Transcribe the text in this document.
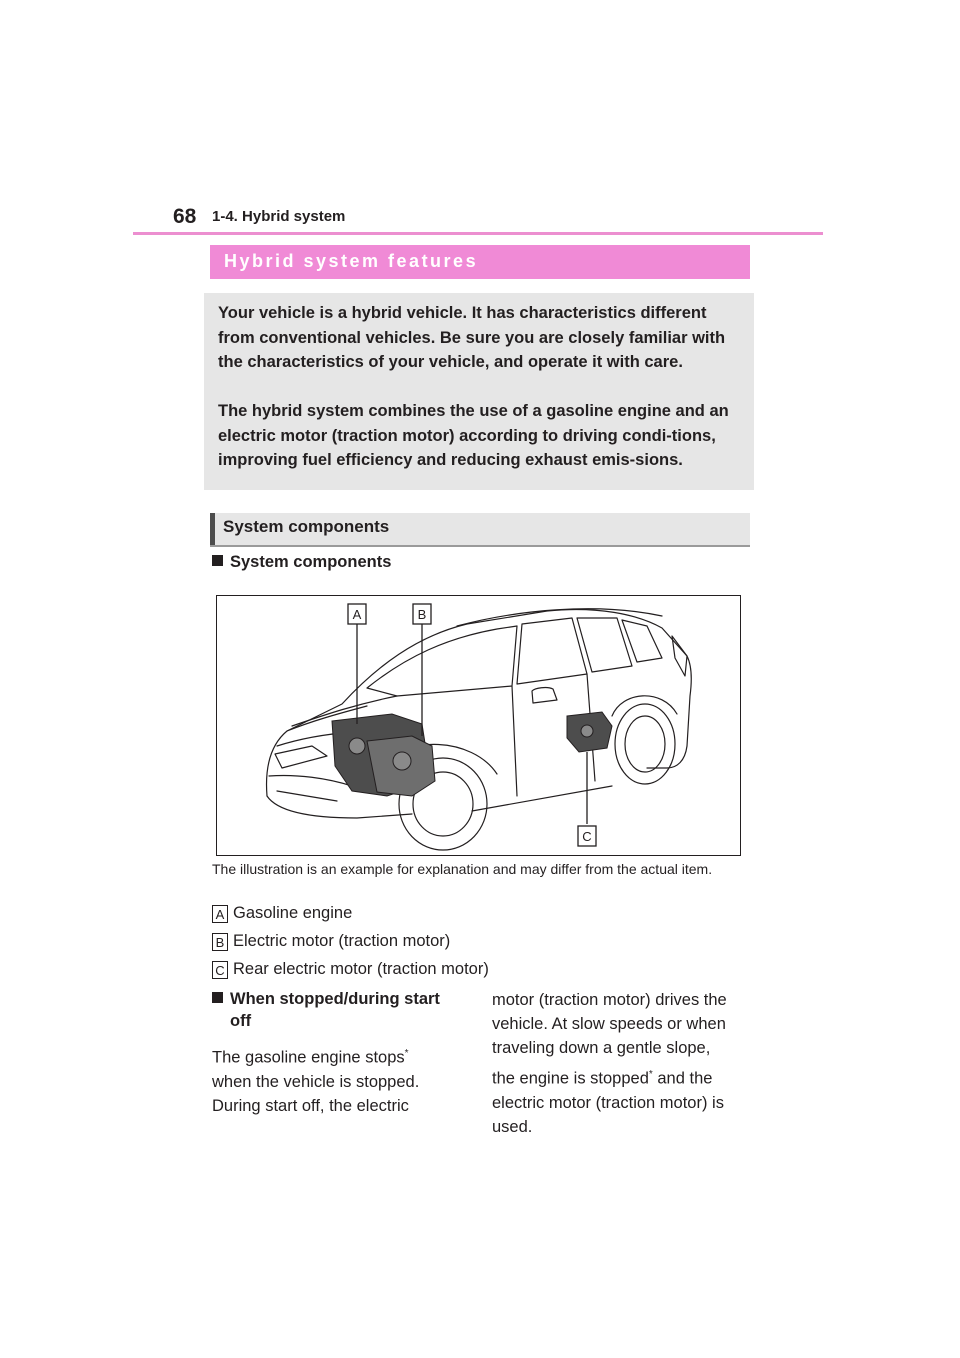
68 1-4. Hybrid system
Hybrid system features

Your vehicle is a hybrid vehicle. It has characteristics different from conventional vehicles. Be sure you are closely familiar with the characteristics of your vehicle, and operate it with care.

The hybrid system combines the use of a gasoline engine and an electric motor (traction motor) according to driving condi-tions, improving fuel efficiency and reducing exhaust emis-sions.

System components
System components
A	B
C
The illustration is an example for explanation and may differ from the actual item.
A Gasoline engine
B Electric motor (traction motor)
C Rear electric motor (traction motor)
When stopped/during start
off
The gasoline engine stops*
when the vehicle is stopped.
During start off, the electric
motor (traction motor) drives the
vehicle. At slow speeds or when
traveling down a gentle slope,
the engine is stopped* and the
electric motor (traction motor) is
used.
